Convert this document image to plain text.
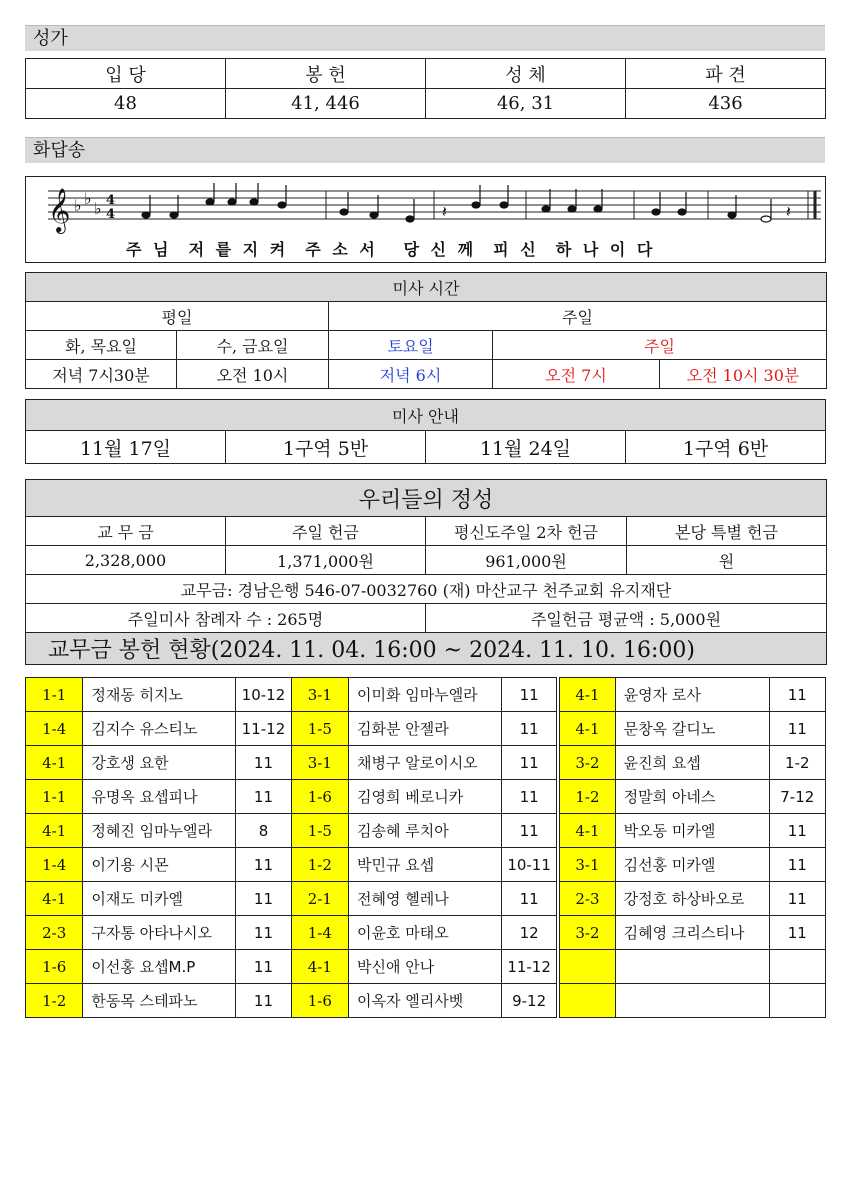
성가
입 당	봉 헌	성 체	파 견
48	41, 446	46, 31	436
화답송
𝄞 ♭ ♭
♭ 4
4	𝄽	𝄽
주 님  저 릍 지 켜  주 소 서   당 신 께  피 신  하 나 이 다
미사 시간				
평일		주일		
화, 목요일	수, 금요일	토요일	주일	
저녁 7시30분	오전 10시	저녁 6시	오전 7시	오전 10시 30분
미사 안내
11월 17일	1구역 5반	11월 24일	1구역 6반
우리들의 정성			
교 무 금	주일 헌금	평신도주일 2차 헌금	본당 특별 헌금
2,328,000	1,371,000원	961,000원	원
교무금: 경남은행 546-07-0032760 (재) 마산교구 천주교회 유지재단			
주일미사 참례자 수 : 265명		주일헌금 평균액 : 5,000원	
교무금 봉헌 현황(2024. 11. 04. 16:00 ~ 2024. 11. 10. 16:00)			
1-1	정재동 히지노	10-12	3-1	이미화 임마누엘라	11		4-1	윤영자 로사	11
1-4	김지수 유스티노	11-12	1-5	김화분 안젤라	11		4-1	문창옥 갈디노	11
4-1	강호생 요한	11	3-1	채병구 알로이시오	11		3-2	윤진희 요셉	1-2
1-1	유명옥 요셉피나	11	1-6	김영희 베로니카	11		1-2	정말희 아네스	7-12
4-1	정혜진 임마누엘라	8	1-5	김송혜 루치아	11		4-1	박오동 미카엘	11
1-4	이기용 시몬	11	1-2	박민규 요셉	10-11		3-1	김선홍 미카엘	11
4-1	이재도 미카엘	11	2-1	전혜영 헬레나	11		2-3	강정호 하상바오로	11
2-3	구자통 아타나시오	11	1-4	이윤호 마태오	12		3-2	김혜영 크리스티나	11
1-6	이선홍 요셉M.P	11	4-1	박신애 안나	11-12				
1-2	한동목 스테파노	11	1-6	이옥자 엘리사벳	9-12				
